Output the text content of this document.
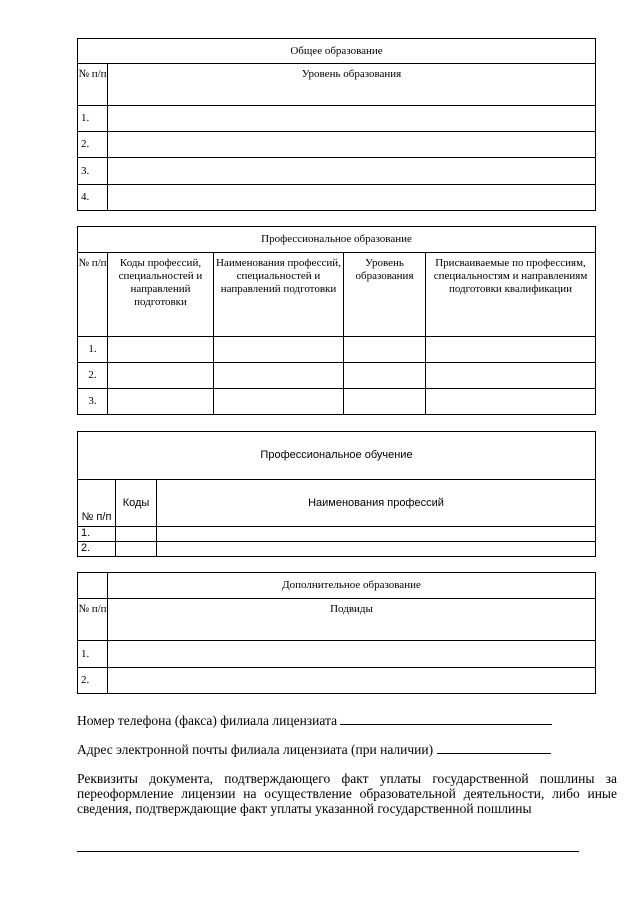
Общее образование	
№ п/п	Уровень образования
1.	
2.	
3.	
4.	
Профессиональное образование				
№ п/п	Коды профессий, специальностей и направлений подготовки	Наименования профессий, специальностей и направлений подготовки	Уровень образования	Присваиваемые по профессиям, специальностям и направлениям подготовки квалификации
1.				
2.				
3.				
Профессиональное обучение		
№ п/п	Коды	Наименования профессий
1.		
2.		
	Дополнительное образование
№ п/п	Подвиды
1.	
2.	
Номер телефона (факса) филиала лицензиата
Адрес электронной почты филиала лицензиата (при наличии)
Реквизиты документа, подтверждающего факт уплаты государственной пошлины за переоформление лицензии на осуществление образовательной деятельности, либо иные сведения, подтверждающие факт уплаты указанной государственной пошлины
